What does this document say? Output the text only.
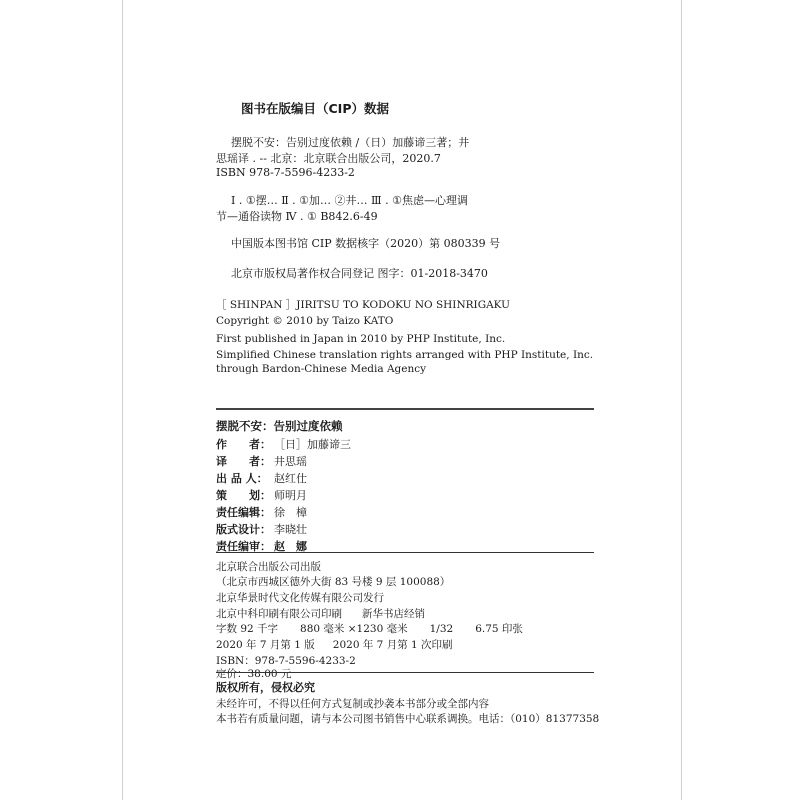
图书在版编目（CIP）数据
摆脱不安：告别过度依赖 /（日）加藤谛三著；井
思瑶译 . -- 北京：北京联合出版公司，2020.7
ISBN 978-7-5596-4233-2
Ⅰ . ①摆… Ⅱ . ①加… ②井… Ⅲ . ①焦虑—心理调
节—通俗读物 Ⅳ . ① B842.6-49
中国版本图书馆 CIP 数据核字（2020）第 080339 号
北京市版权局著作权合同登记 图字：01-2018-3470
［ SHINPAN ］JIRITSU TO KODOKU NO SHINRIGAKU
Copyright © 2010 by Taizo KATO
First published in Japan in 2010 by PHP Institute, Inc.
Simplified Chinese translation rights arranged with PHP Institute, Inc.
through Bardon-Chinese Media Agency
摆脱不安：告别过度依赖
作　　者： ［日］加藤谛三
译　　者： 井思瑶
出 品 人： 赵红仕
策　　划： 师明月
责任编辑： 徐　樟
版式设计： 李晓壮
责任编审： 赵　娜
北京联合出版公司出版
（北京市西城区德外大街 83 号楼 9 层 100088）
北京华景时代文化传媒有限公司发行
北京中科印刷有限公司印刷 新华书店经销
字数 92 千字 880 毫米 ×1230 毫米 1/32 6.75 印张
2020 年 7 月第 1 版 2020 年 7 月第 1 次印刷
ISBN：978-7-5596-4233-2
定价：38.00 元
版权所有，侵权必究
未经许可，不得以任何方式复制或抄袭本书部分或全部内容
本书若有质量问题，请与本公司图书销售中心联系调换。电话：（010）81377358
